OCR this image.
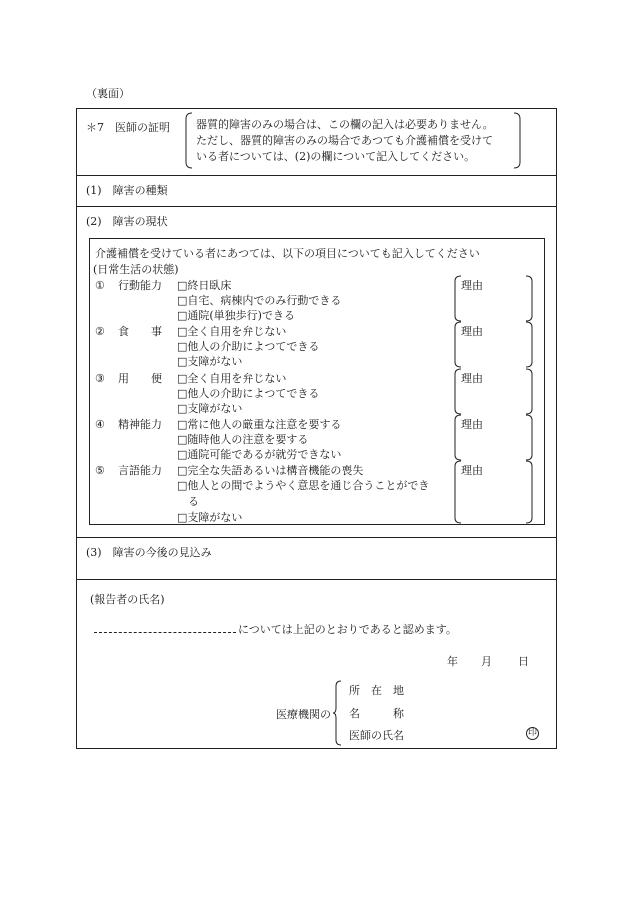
（裏面）
＊7　医師の証明 器質的障害のみの場合は、この欄の記入は必要ありません。
ただし、器質的障害のみの場合であつても介護補償を受けて
いる者については、(2)の欄について記入してください。
(1)　障害の種類
(2)　障害の現状
介護補償を受けている者にあつては、以下の項目についても記入してください
(日常生活の状態)
① 行動能力 □終日臥床
□自宅、病棟内でのみ行動できる
□通院(単独歩行)できる
理由
② 食　　事 □全く自用を弁じない
□他人の介助によつてできる
□支障がない
理由
③ 用　　便 □全く自用を弁じない
□他人の介助によつてできる
□支障がない
理由
④ 精神能力 □常に他人の厳重な注意を要する
□随時他人の注意を要する
□通院可能であるが就労できない
理由
⑤ 言語能力 □完全な失語あるいは構音機能の喪失
□他人との間でようやく意思を通じ合うことができ
る
□支障がない
理由
(3)　障害の今後の見込み
(報告者の氏名)
については上記のとおりであると認めます。
年 月 日
医療機関の
所　在　地
名　　　称
医師の氏名	印
